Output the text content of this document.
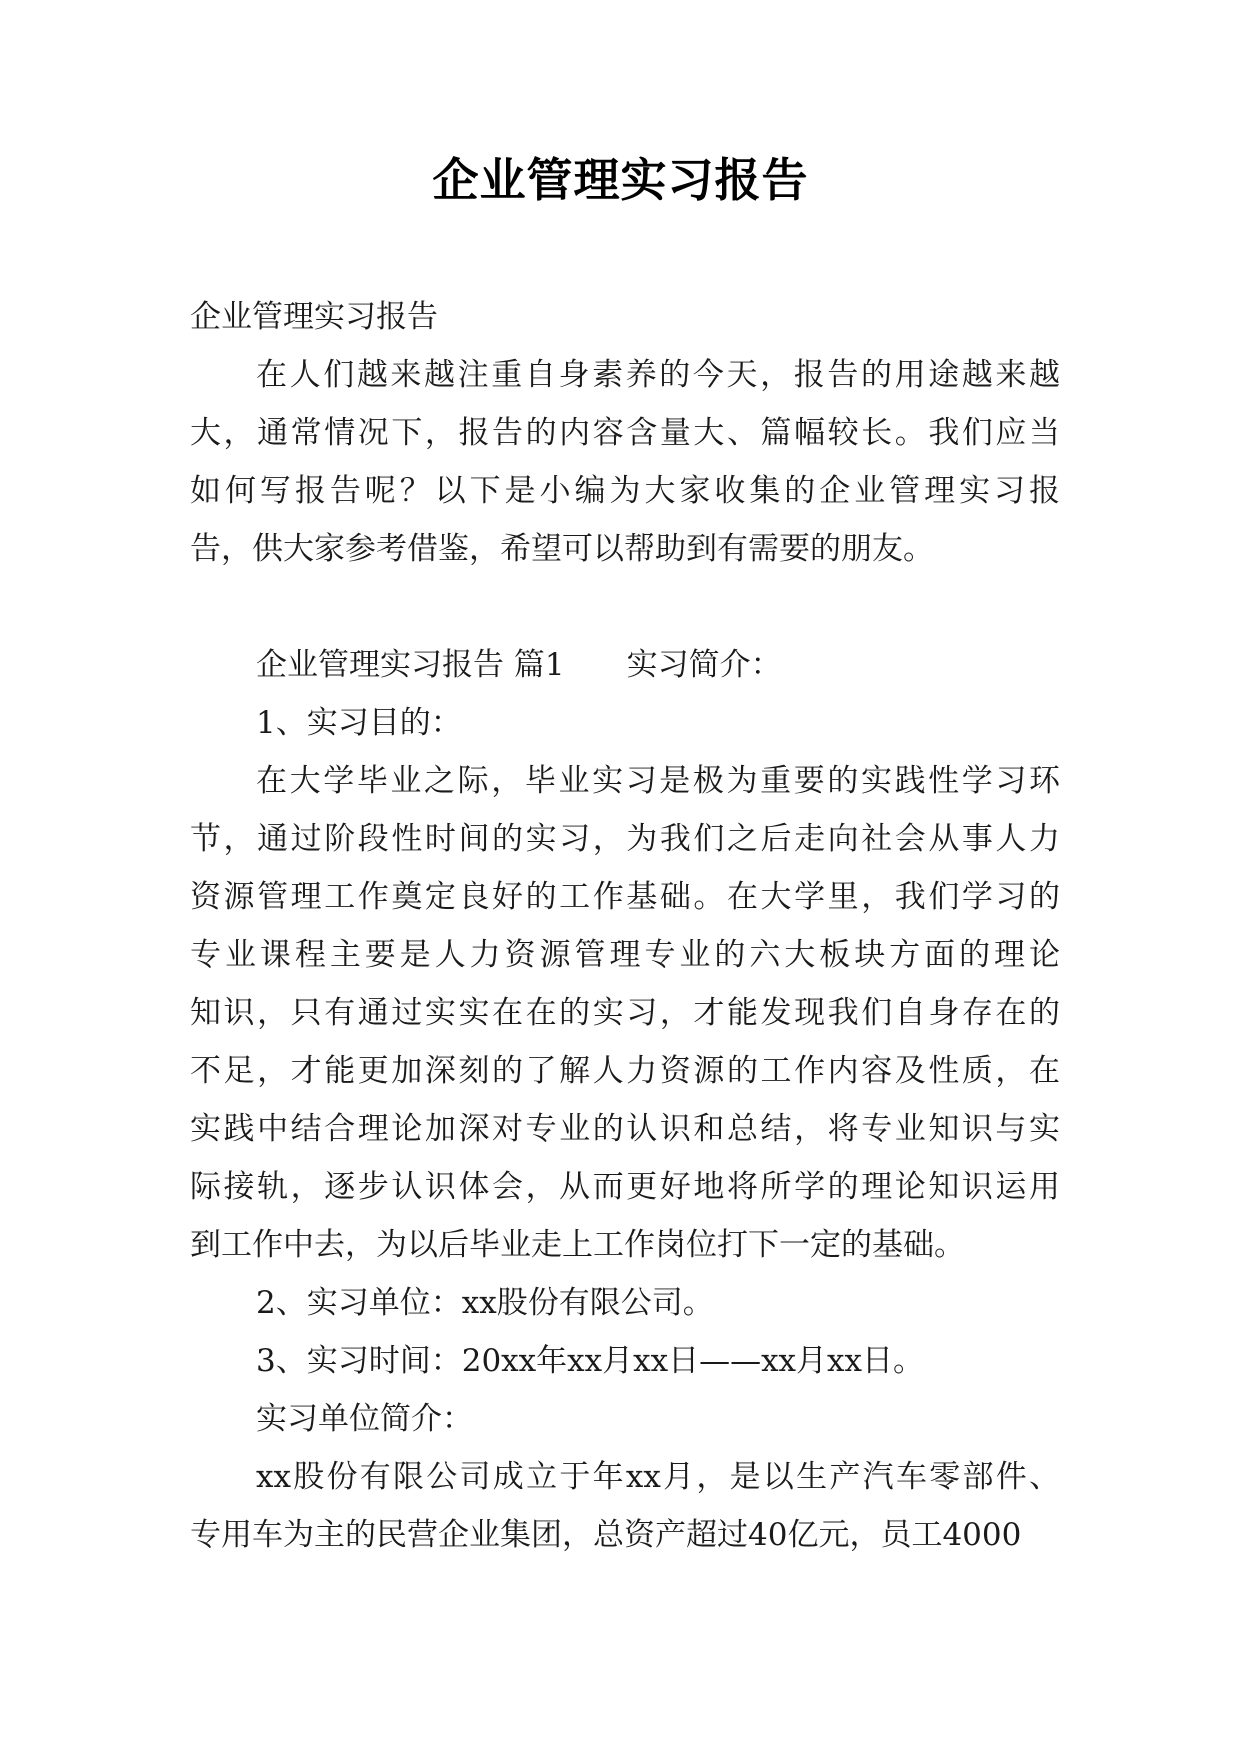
企业管理实习报告

企业管理实习报告

在人们越来越注重自身素养的今天，报告的用途越来越

大，通常情况下，报告的内容含量大、篇幅较长。我们应当

如何写报告呢？以下是小编为大家收集的企业管理实习报

告，供大家参考借鉴，希望可以帮助到有需要的朋友。

企业管理实习报告 篇1　　实习简介：

1、实习目的：

在大学毕业之际，毕业实习是极为重要的实践性学习环

节，通过阶段性时间的实习，为我们之后走向社会从事人力

资源管理工作奠定良好的工作基础。在大学里，我们学习的

专业课程主要是人力资源管理专业的六大板块方面的理论

知识，只有通过实实在在的实习，才能发现我们自身存在的

不足，才能更加深刻的了解人力资源的工作内容及性质，在

实践中结合理论加深对专业的认识和总结，将专业知识与实

际接轨，逐步认识体会，从而更好地将所学的理论知识运用

到工作中去，为以后毕业走上工作岗位打下一定的基础。

2、实习单位：xx股份有限公司。

3、实习时间：20xx年xx月xx日——xx月xx日。

实习单位简介：

xx股份有限公司成立于年xx月，是以生产汽车零部件、

专用车为主的民营企业集团，总资产超过40亿元，员工4000
